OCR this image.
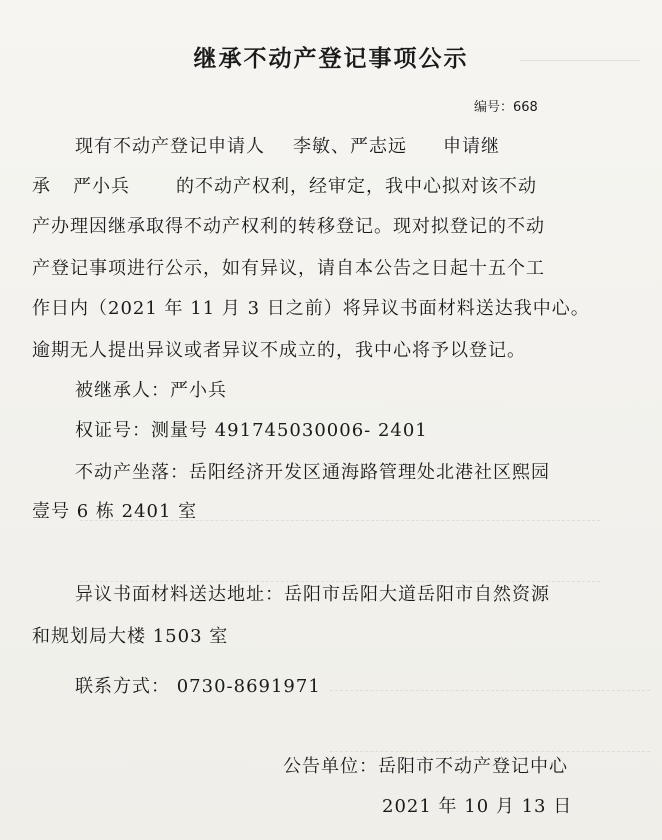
继承不动产登记事项公示
编号：668
现有不动产登记申请人 李敏、严志远 申请继
承 严小兵	的不动产权利，经审定，我中心拟对该不动
产办理因继承取得不动产权利的转移登记。现对拟登记的不动
产登记事项进行公示，如有异议，请自本公告之日起十五个工
作日内（2021 年 11 月 3 日之前）将异议书面材料送达我中心。
逾期无人提出异议或者异议不成立的，我中心将予以登记。
被继承人：严小兵
权证号：测量号 491745030006- 2401
不动产坐落：岳阳经济开发区通海路管理处北港社区熙园
壹号 6 栋 2401 室
异议书面材料送达地址：岳阳市岳阳大道岳阳市自然资源
和规划局大楼 1503 室
联系方式： 0730-8691971
公告单位：岳阳市不动产登记中心
2021 年 10 月 13 日
